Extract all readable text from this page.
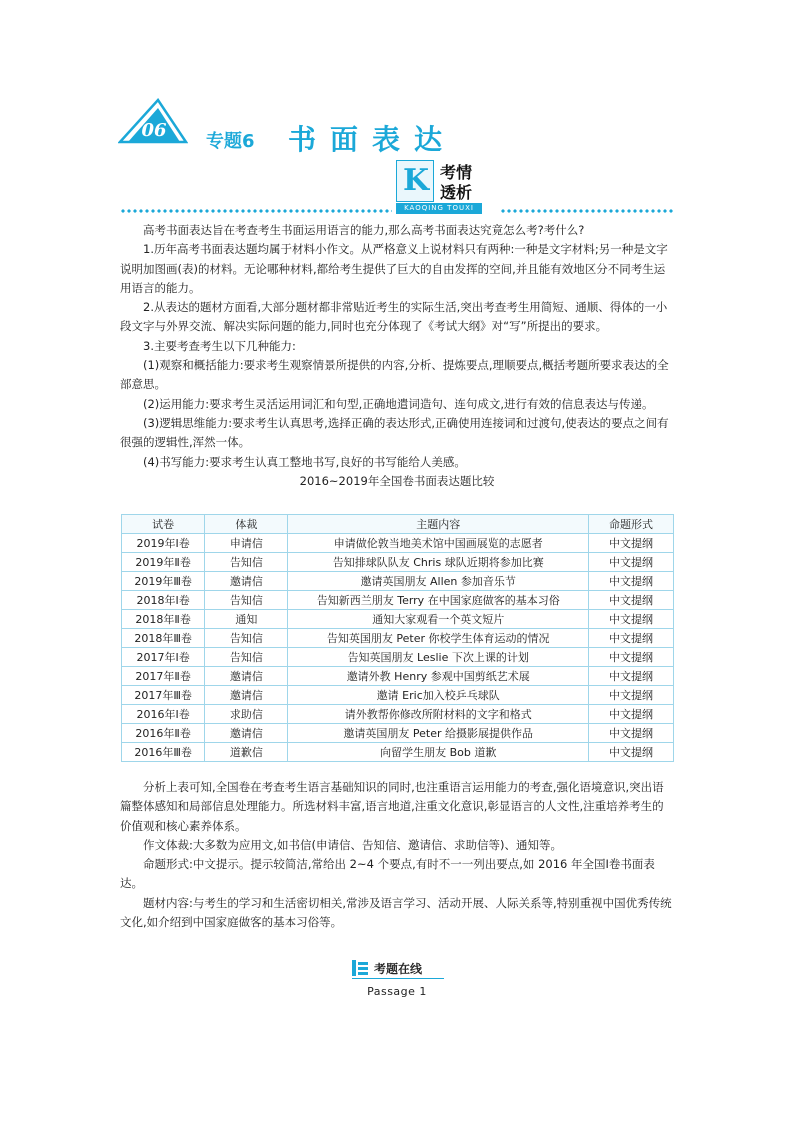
06
专题6 书面表达
K 考情
透析
KAOQING TOUXI

高考书面表达旨在考查考生书面运用语言的能力,那么高考书面表达究竟怎么考?考什么?

1.历年高考书面表达题均属于材料小作文。从严格意义上说材料只有两种:一种是文字材料;另一种是文字说明加图画(表)的材料。无论哪种材料,都给考生提供了巨大的自由发挥的空间,并且能有效地区分不同考生运用语言的能力。

2.从表达的题材方面看,大部分题材都非常贴近考生的实际生活,突出考查考生用简短、通顺、得体的一小段文字与外界交流、解决实际问题的能力,同时也充分体现了《考试大纲》对“写”所提出的要求。

3.主要考查考生以下几种能力:

(1)观察和概括能力:要求考生观察情景所提供的内容,分析、提炼要点,理顺要点,概括考题所要求表达的全部意思。

(2)运用能力:要求考生灵活运用词汇和句型,正确地遣词造句、连句成文,进行有效的信息表达与传递。

(3)逻辑思维能力:要求考生认真思考,选择正确的表达形式,正确使用连接词和过渡句,使表达的要点之间有很强的逻辑性,浑然一体。

(4)书写能力:要求考生认真工整地书写,良好的书写能给人美感。

2016~2019年全国卷书面表达题比较

试卷	体裁	主题内容	命题形式
2019年Ⅰ卷	申请信	申请做伦敦当地美术馆中国画展览的志愿者	中文提纲
2019年Ⅱ卷	告知信	告知排球队队友 Chris 球队近期将参加比赛	中文提纲
2019年Ⅲ卷	邀请信	邀请英国朋友 Allen 参加音乐节	中文提纲
2018年Ⅰ卷	告知信	告知新西兰朋友 Terry 在中国家庭做客的基本习俗	中文提纲
2018年Ⅱ卷	通知	通知大家观看一个英文短片	中文提纲
2018年Ⅲ卷	告知信	告知英国朋友 Peter 你校学生体育运动的情况	中文提纲
2017年Ⅰ卷	告知信	告知英国朋友 Leslie 下次上课的计划	中文提纲
2017年Ⅱ卷	邀请信	邀请外教 Henry 参观中国剪纸艺术展	中文提纲
2017年Ⅲ卷	邀请信	邀请 Eric加入校乒乓球队	中文提纲
2016年Ⅰ卷	求助信	请外教帮你修改所附材料的文字和格式	中文提纲
2016年Ⅱ卷	邀请信	邀请英国朋友 Peter 给摄影展提供作品	中文提纲
2016年Ⅲ卷	道歉信	向留学生朋友 Bob 道歉	中文提纲

分析上表可知,全国卷在考查考生语言基础知识的同时,也注重语言运用能力的考查,强化语境意识,突出语篇整体感知和局部信息处理能力。所选材料丰富,语言地道,注重文化意识,彰显语言的人文性,注重培养考生的价值观和核心素养体系。

作文体裁:大多数为应用文,如书信(申请信、告知信、邀请信、求助信等)、通知等。

命题形式:中文提示。提示较简洁,常给出 2~4 个要点,有时不一一列出要点,如 2016 年全国Ⅰ卷书面表达。

题材内容:与考生的学习和生活密切相关,常涉及语言学习、活动开展、人际关系等,特别重视中国优秀传统文化,如介绍到中国家庭做客的基本习俗等。

考题在线
Passage 1
